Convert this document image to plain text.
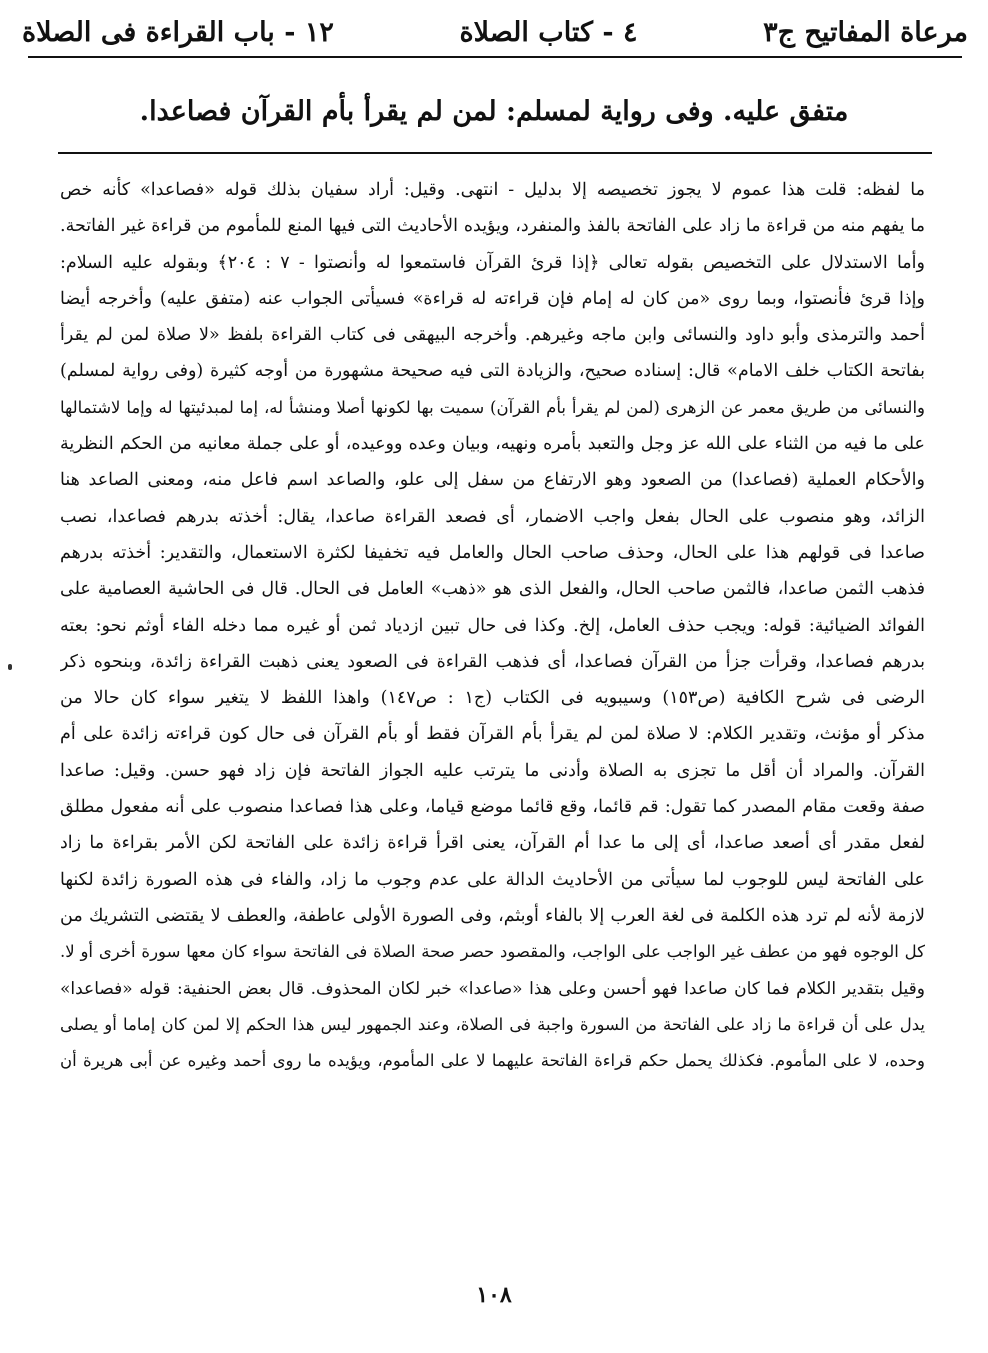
مرعاة المفاتيح ج٣
٤ - كتاب الصلاة
١٢ - باب القراءة فى الصلاة
متفق عليه. وفى رواية لمسلم: لمن لم يقرأ بأم القرآن فصاعدا.
ما لفظه: قلت هذا عموم لا يجوز تخصيصه إلا بدليل - انتهى. وقيل: أراد سفيان بذلك قوله «فصاعدا» كأنه خص
ما يفهم منه من قراءة ما زاد على الفاتحة بالفذ والمنفرد، ويؤيده الأحاديث التى فيها المنع للمأموم من قراءة غير الفاتحة.
وأما الاستدلال على التخصيص بقوله تعالى ﴿إذا قرئ القرآن فاستمعوا له وأنصتوا - ٧ : ٢٠٤﴾ وبقوله عليه السلام:
وإذا قرئ فأنصتوا، وبما روى «من كان له إمام فإن قراءته له قراءة» فسيأتى الجواب عنه (متفق عليه) وأخرجه أيضا
أحمد والترمذى وأبو داود والنسائى وابن ماجه وغيرهم. وأخرجه البيهقى فى كتاب القراءة بلفظ «لا صلاة لمن لم يقرأ
بفاتحة الكتاب خلف الامام» قال: إسناده صحيح، والزيادة التى فيه صحيحة مشهورة من أوجه كثيرة (وفى رواية لمسلم)
والنسائى من طريق معمر عن الزهرى (لمن لم يقرأ بأم القرآن) سميت بها لكونها أصلا ومنشأ له، إما لمبدئيتها له وإما لاشتمالها
على ما فيه من الثناء على الله عز وجل والتعبد بأمره ونهيه، وبيان وعده ووعيده، أو على جملة معانيه من الحكم النظرية
والأحكام العملية (فصاعدا) من الصعود وهو الارتفاع من سفل إلى علو، والصاعد اسم فاعل منه، ومعنى الصاعد هنا
الزائد، وهو منصوب على الحال بفعل واجب الاضمار، أى فصعد القراءة صاعدا، يقال: أخذته بدرهم فصاعدا، نصب
صاعدا فى قولهم هذا على الحال، وحذف صاحب الحال والعامل فيه تخفيفا لكثرة الاستعمال، والتقدير: أخذته بدرهم
فذهب الثمن صاعدا، فالثمن صاحب الحال، والفعل الذى هو «ذهب» العامل فى الحال. قال فى الحاشية العصامية على
الفوائد الضيائية: قوله: ويجب حذف العامل، إلخ. وكذا فى حال تبين ازدياد ثمن أو غيره مما دخله الفاء أوثم نحو: بعته
بدرهم فصاعدا، وقرأت جزأ من القرآن فصاعدا، أى فذهب القراءة فى الصعود يعنى ذهبت القراءة زائدة، وبنحوه ذكر
الرضى فى شرح الكافية (ص١٥٣) وسيبويه فى الكتاب (ج١ : ص١٤٧) واهذا اللفظ لا يتغير سواء كان حالا من
مذكر أو مؤنث، وتقدير الكلام: لا صلاة لمن لم يقرأ بأم القرآن فقط أو بأم القرآن فى حال كون قراءته زائدة على أم
القرآن. والمراد أن أقل ما تجزى به الصلاة وأدنى ما يترتب عليه الجواز الفاتحة فإن زاد فهو حسن. وقيل: صاعدا
صفة وقعت مقام المصدر كما تقول: قم قائما، وقع قائما موضع قياما، وعلى هذا فصاعدا منصوب على أنه مفعول مطلق
لفعل مقدر أى أصعد صاعدا، أى إلى ما عدا أم القرآن، يعنى اقرأ قراءة زائدة على الفاتحة لكن الأمر بقراءة ما زاد
على الفاتحة ليس للوجوب لما سيأتى من الأحاديث الدالة على عدم وجوب ما زاد، والفاء فى هذه الصورة زائدة لكنها
لازمة لأنه لم ترد هذه الكلمة فى لغة العرب إلا بالفاء أوبثم، وفى الصورة الأولى عاطفة، والعطف لا يقتضى التشريك من
كل الوجوه فهو من عطف غير الواجب على الواجب، والمقصود حصر صحة الصلاة فى الفاتحة سواء كان معها سورة أخرى أو لا.
وقيل بتقدير الكلام فما كان صاعدا فهو أحسن وعلى هذا «صاعدا» خبر لكان المحذوف. قال بعض الحنفية: قوله «فصاعدا»
يدل على أن قراءة ما زاد على الفاتحة من السورة واجبة فى الصلاة، وعند الجمهور ليس هذا الحكم إلا لمن كان إماما أو يصلى
وحده، لا على المأموم. فكذلك يحمل حكم قراءة الفاتحة عليهما لا على المأموم، ويؤيده ما روى أحمد وغيره عن أبى هريرة أن
١٠٨
